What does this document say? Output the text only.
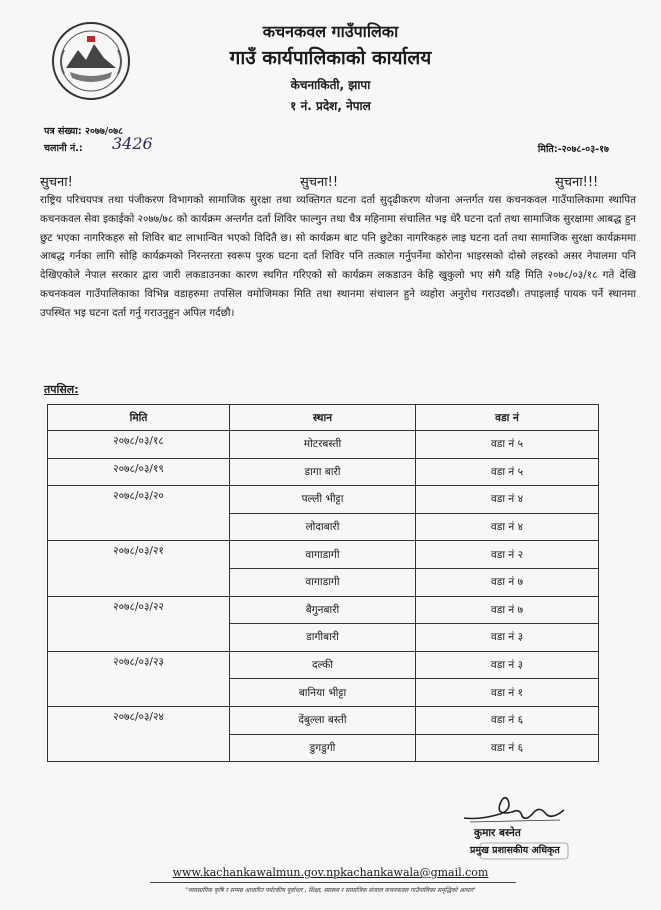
कचनकवल गाउँपालिका
गाउँ कार्यपालिकाको कार्यालय
केचनाकिती, झापा
१ नं. प्रदेश, नेपाल
पत्र संख्या: २०७७/०७८
चलानी नं.: 3426	मिति:-२०७८-०३-१७
सुचना!	सुचना!!	सुचना!!!
राष्ट्रिय परिचयपत्र तथा पंजीकरण विभागको सामाजिक सुरक्षा तथा व्यक्तिगत घटना दर्ता सुदृढीकरण योजना अन्तर्गत यस कचनकवल गाउँपालिकामा स्थापित कचनकवल सेवा इकाईको २०७७/७८ को कार्यक्रम अन्तर्गत दर्ता शिविर फाल्गुन तथा चैत्र महिनामा संचालित भइ धेरै घटना दर्ता तथा सामाजिक सुरक्षामा आबद्ध हुन छुट भएका नागरिकहरु सो शिविर बाट लाभान्वित भएको विदितै छ। सो कार्यक्रम बाट पनि छुटेका नागरिकहरु लाइ घटना दर्ता तथा सामाजिक सुरक्षा कार्यक्रममा आबद्ध गर्नका लागि सोहि कार्यक्रमको निरन्तरता स्वरूप पुरक घटना दर्ता शिविर पनि तत्काल गर्नुपर्नेमा कोरोना भाइरसको दोस्रो लहरको असर नेपालमा पनि देखिएकोले नेपाल सरकार द्वारा जारी लकडाउनका कारण स्थगित गरिएको सो कार्यक्रम लकडाउन केहि खुकुलो भए संगै यहि मिति २०७८/०३/१८ गते देखि कचनकवल गाउँपालिकाका विभिन्न वडाहरुमा तपसिल वमोजिमका मिति तथा स्थानमा संचालन हुने व्यहोरा अनुरोध गराउदछौ। तपाइलाई पायक पर्ने स्थानमा उपस्थित भइ घटना दर्ता गर्नु गराउनुहुन अपिल गर्दछौ।
तपसिल:
मिति	स्थान	वडा नं
२०७८/०३/१८	मोटरबस्ती	वडा नं ५
२०७८/०३/१९	डागा बारी	वडा नं ५
२०७८/०३/२०	पल्ली भीट्टा	वडा नं ४
	लोदाबारी	वडा नं ४
२०७८/०३/२१	वागाडागी	वडा नं २
	वागाडागी	वडा नं ७
२०७८/०३/२२	बैगुनबारी	वडा नं ७
	डागीबारी	वडा नं ३
२०७८/०३/२३	दल्की	वडा नं ३
	बानिया भीट्टा	वडा नं १
२०७८/०३/२४	देंबुल्ला बस्ती	वडा नं ६
	डुगडुगी	वडा नं ६
कुमार बस्नेत
प्रमुख प्रशासकीय अधिकृत
www.kachankawalmun.gov.npkachankawala@gmail.com
"व्यवसायिक कृषि र सम्पन्न आधारित पर्यटकीय पूर्वाधार , शिक्षा, स्वास्थ्य र सामाजिक संजाल कचनकवल गाउँपालिका समृद्धिको आधार"
